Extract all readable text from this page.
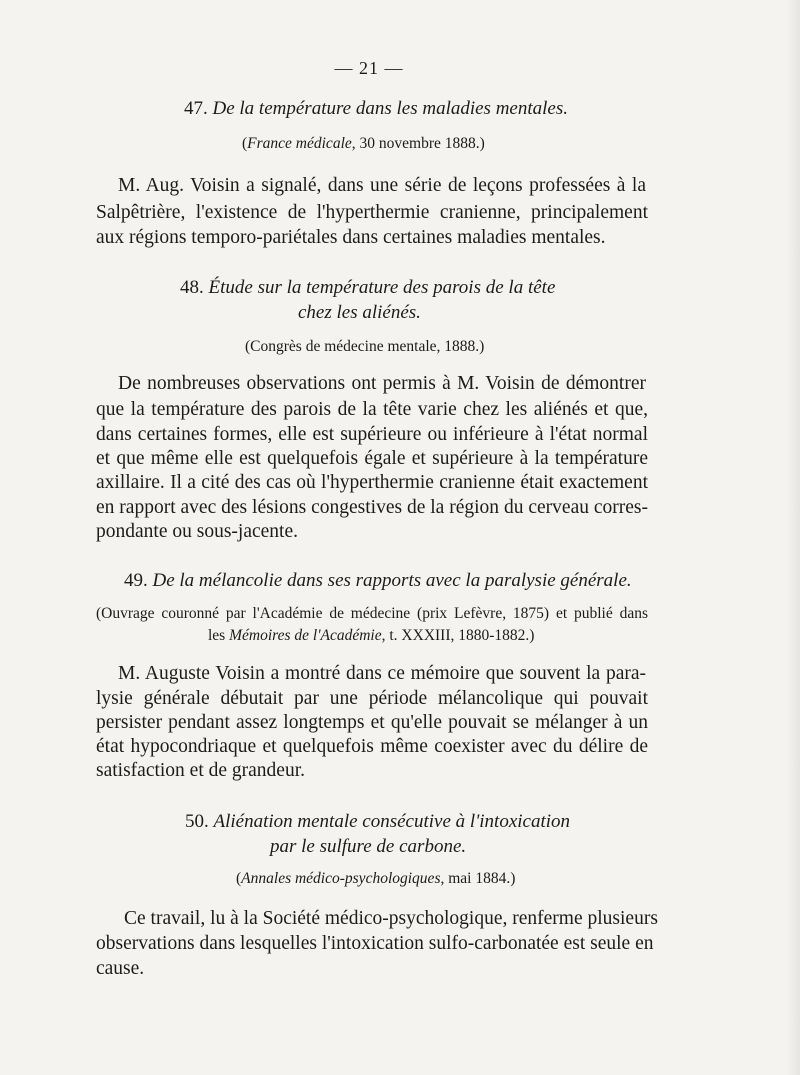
— 21 —
47. De la température dans les maladies mentales.
(France médicale, 30 novembre 1888.)
M. Aug. Voisin a signalé, dans une série de leçons professées à la
Salpêtrière, l'existence de l'hyperthermie cranienne, principalement
aux régions temporo-pariétales dans certaines maladies mentales.
48. Étude sur la température des parois de la tête
chez les aliénés.
(Congrès de médecine mentale, 1888.)
De nombreuses observations ont permis à M. Voisin de démontrer
que la température des parois de la tête varie chez les aliénés et que,
dans certaines formes, elle est supérieure ou inférieure à l'état normal
et que même elle est quelquefois égale et supérieure à la température
axillaire. Il a cité des cas où l'hyperthermie cranienne était exactement
en rapport avec des lésions congestives de la région du cerveau corres-
pondante ou sous-jacente.
49. De la mélancolie dans ses rapports avec la paralysie générale.
(Ouvrage couronné par l'Académie de médecine (prix Lefèvre, 1875) et publié dans
les Mémoires de l'Académie, t. XXXIII, 1880-1882.)
M. Auguste Voisin a montré dans ce mémoire que souvent la para-
lysie générale débutait par une période mélancolique qui pouvait
persister pendant assez longtemps et qu'elle pouvait se mélanger à un
état hypocondriaque et quelquefois même coexister avec du délire de
satisfaction et de grandeur.
50. Aliénation mentale consécutive à l'intoxication
par le sulfure de carbone.
(Annales médico-psychologiques, mai 1884.)
Ce travail, lu à la Société médico-psychologique, renferme plusieurs
observations dans lesquelles l'intoxication sulfo-carbonatée est seule en
cause.
